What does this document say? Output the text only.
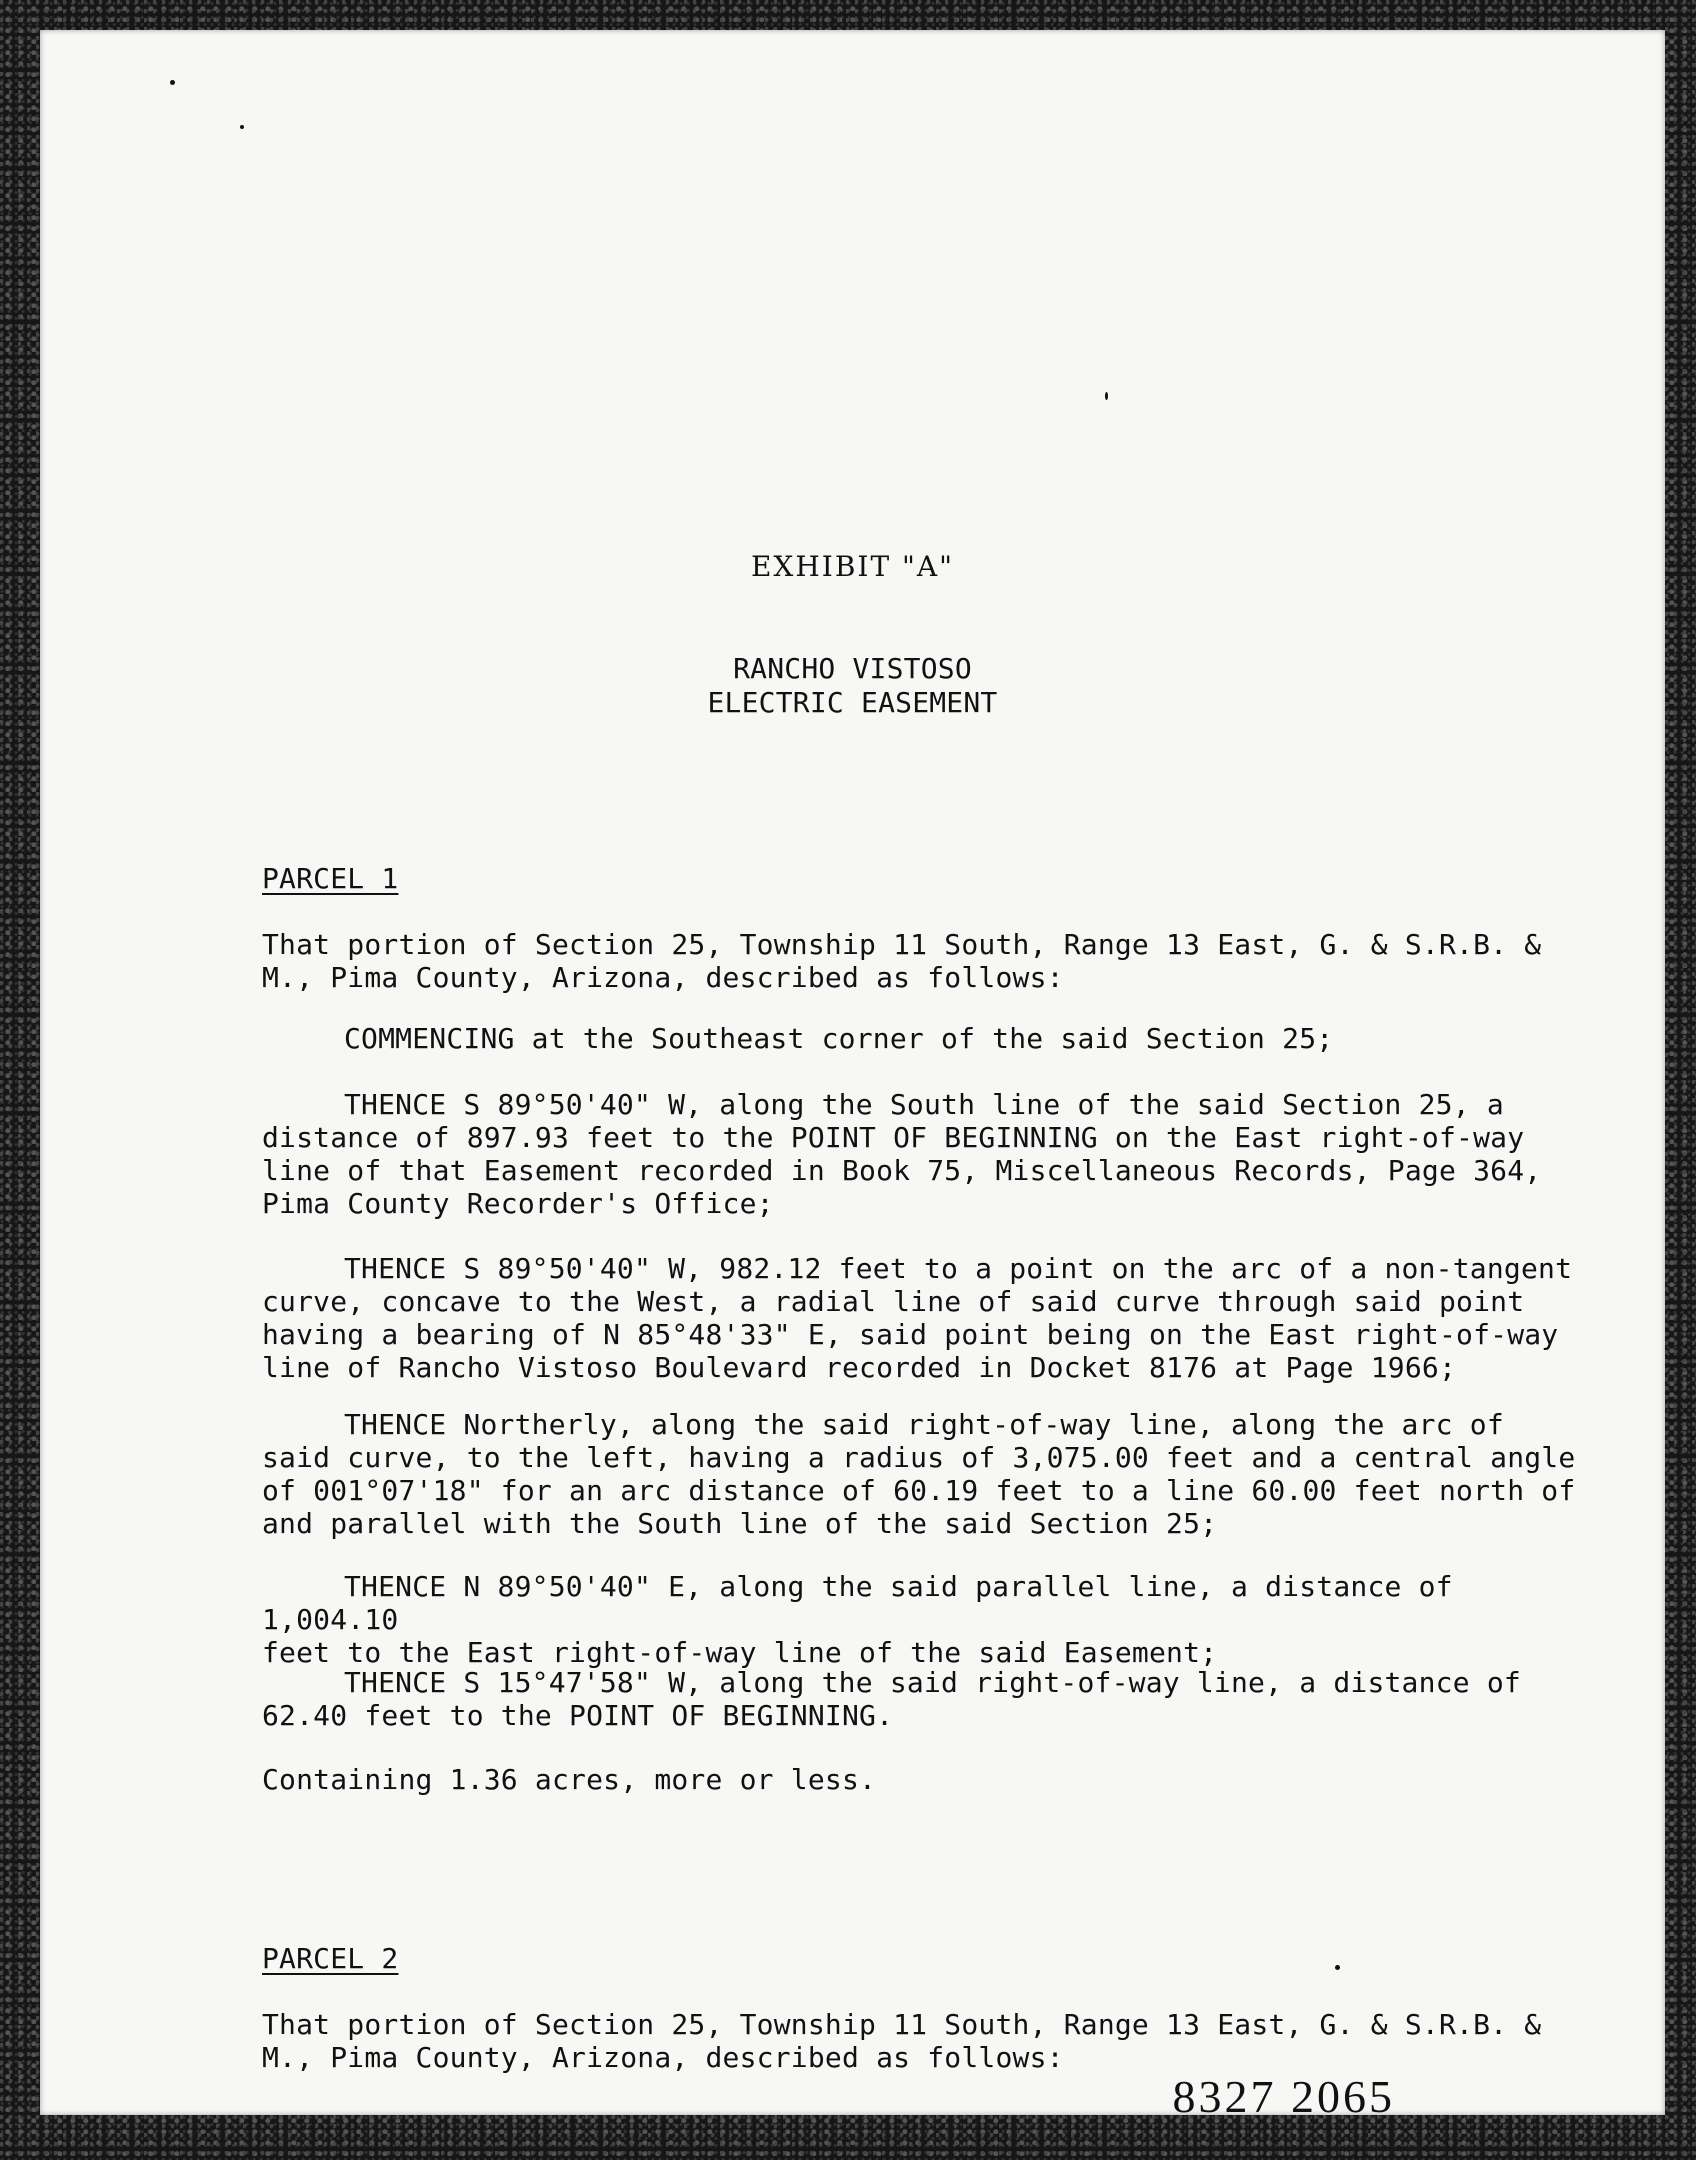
EXHIBIT "A"
RANCHO VISTOSO
ELECTRIC EASEMENT
PARCEL 1
That portion of Section 25, Township 11 South, Range 13 East, G. & S.R.B. &
M., Pima County, Arizona, described as follows:
COMMENCING at the Southeast corner of the said Section 25;
THENCE S 89°50'40" W, along the South line of the said Section 25, a
distance of 897.93 feet to the POINT OF BEGINNING on the East right-of-way
line of that Easement recorded in Book 75, Miscellaneous Records, Page 364,
Pima County Recorder's Office;
THENCE S 89°50'40" W, 982.12 feet to a point on the arc of a non-tangent
curve, concave to the West, a radial line of said curve through said point
having a bearing of N 85°48'33" E, said point being on the East right-of-way
line of Rancho Vistoso Boulevard recorded in Docket 8176 at Page 1966;
THENCE Northerly, along the said right-of-way line, along the arc of
said curve, to the left, having a radius of 3,075.00 feet and a central angle
of 001°07'18" for an arc distance of 60.19 feet to a line 60.00 feet north of
and parallel with the South line of the said Section 25;
THENCE N 89°50'40" E, along the said parallel line, a distance of 1,004.10
feet to the East right-of-way line of the said Easement;
THENCE S 15°47'58" W, along the said right-of-way line, a distance of
62.40 feet to the POINT OF BEGINNING.
Containing 1.36 acres, more or less.
PARCEL 2
That portion of Section 25, Township 11 South, Range 13 East, G. & S.R.B. &
M., Pima County, Arizona, described as follows:
8327 2065
